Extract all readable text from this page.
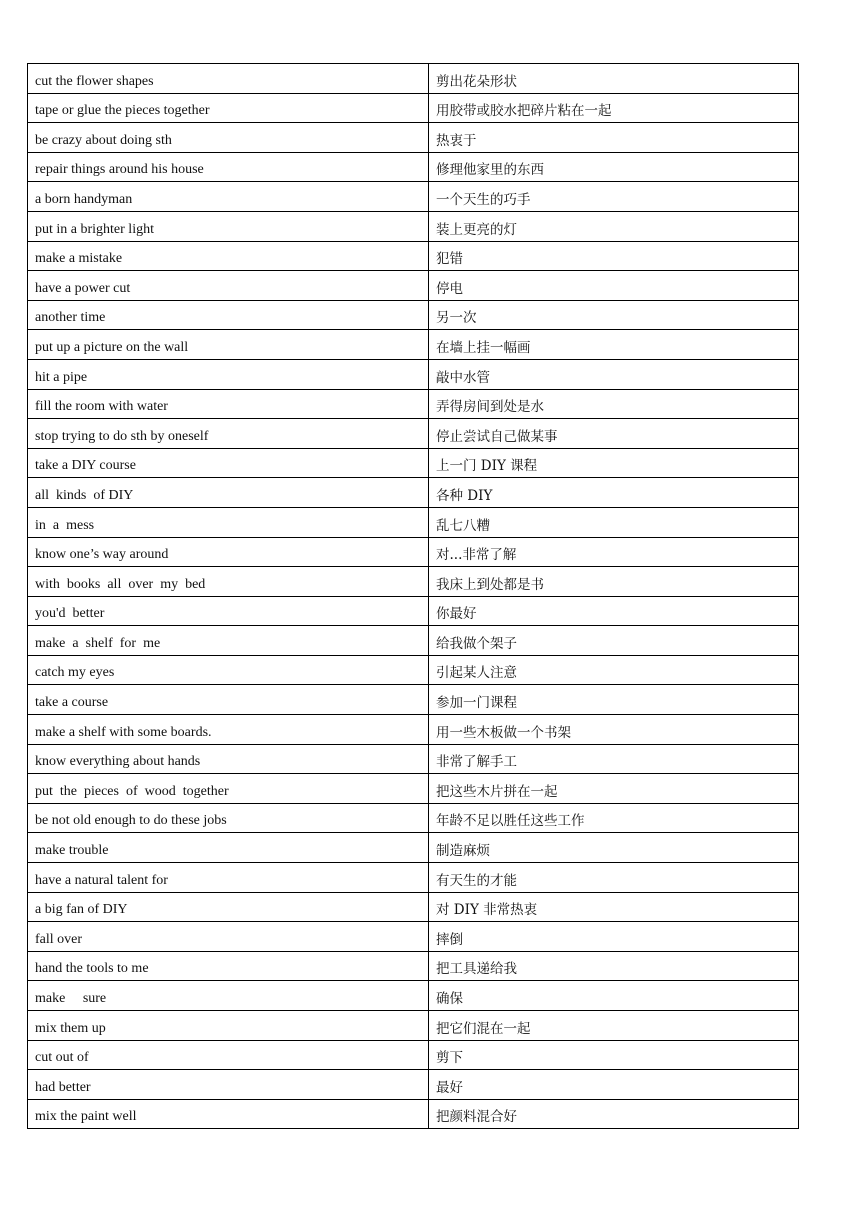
cut the flower shapes	剪出花朵形状
tape or glue the pieces together	用胶带或胶水把碎片粘在一起
be crazy about doing sth	热衷于
repair things around his house	修理他家里的东西
a born handyman	一个天生的巧手
put in a brighter light	装上更亮的灯
make a mistake	犯错
have a power cut	停电
another time	另一次
put up a picture on the wall	在墙上挂一幅画
hit a pipe	敲中水管
fill the room with water	弄得房间到处是水
stop trying to do sth by oneself	停止尝试自己做某事
take a DIY course	上一门 DIY 课程
all  kinds  of DIY	各种 DIY
in  a  mess	乱七八糟
know one’s way around	对...非常了解
with  books  all  over  my  bed	我床上到处都是书
you'd  better	你最好
make  a  shelf  for  me	给我做个架子
catch my eyes	引起某人注意
take a course	参加一门课程
make a shelf with some boards.	用一些木板做一个书架
know everything about hands	非常了解手工
put  the  pieces  of  wood  together	把这些木片拼在一起
be not old enough to do these jobs	年龄不足以胜任这些工作
make trouble	制造麻烦
have a natural talent for	有天生的才能
a big fan of DIY	对 DIY 非常热衷
fall over	摔倒
hand the tools to me	把工具递给我
make     sure	确保
mix them up	把它们混在一起
cut out of	剪下
had better	最好
mix the paint well	把颜料混合好
